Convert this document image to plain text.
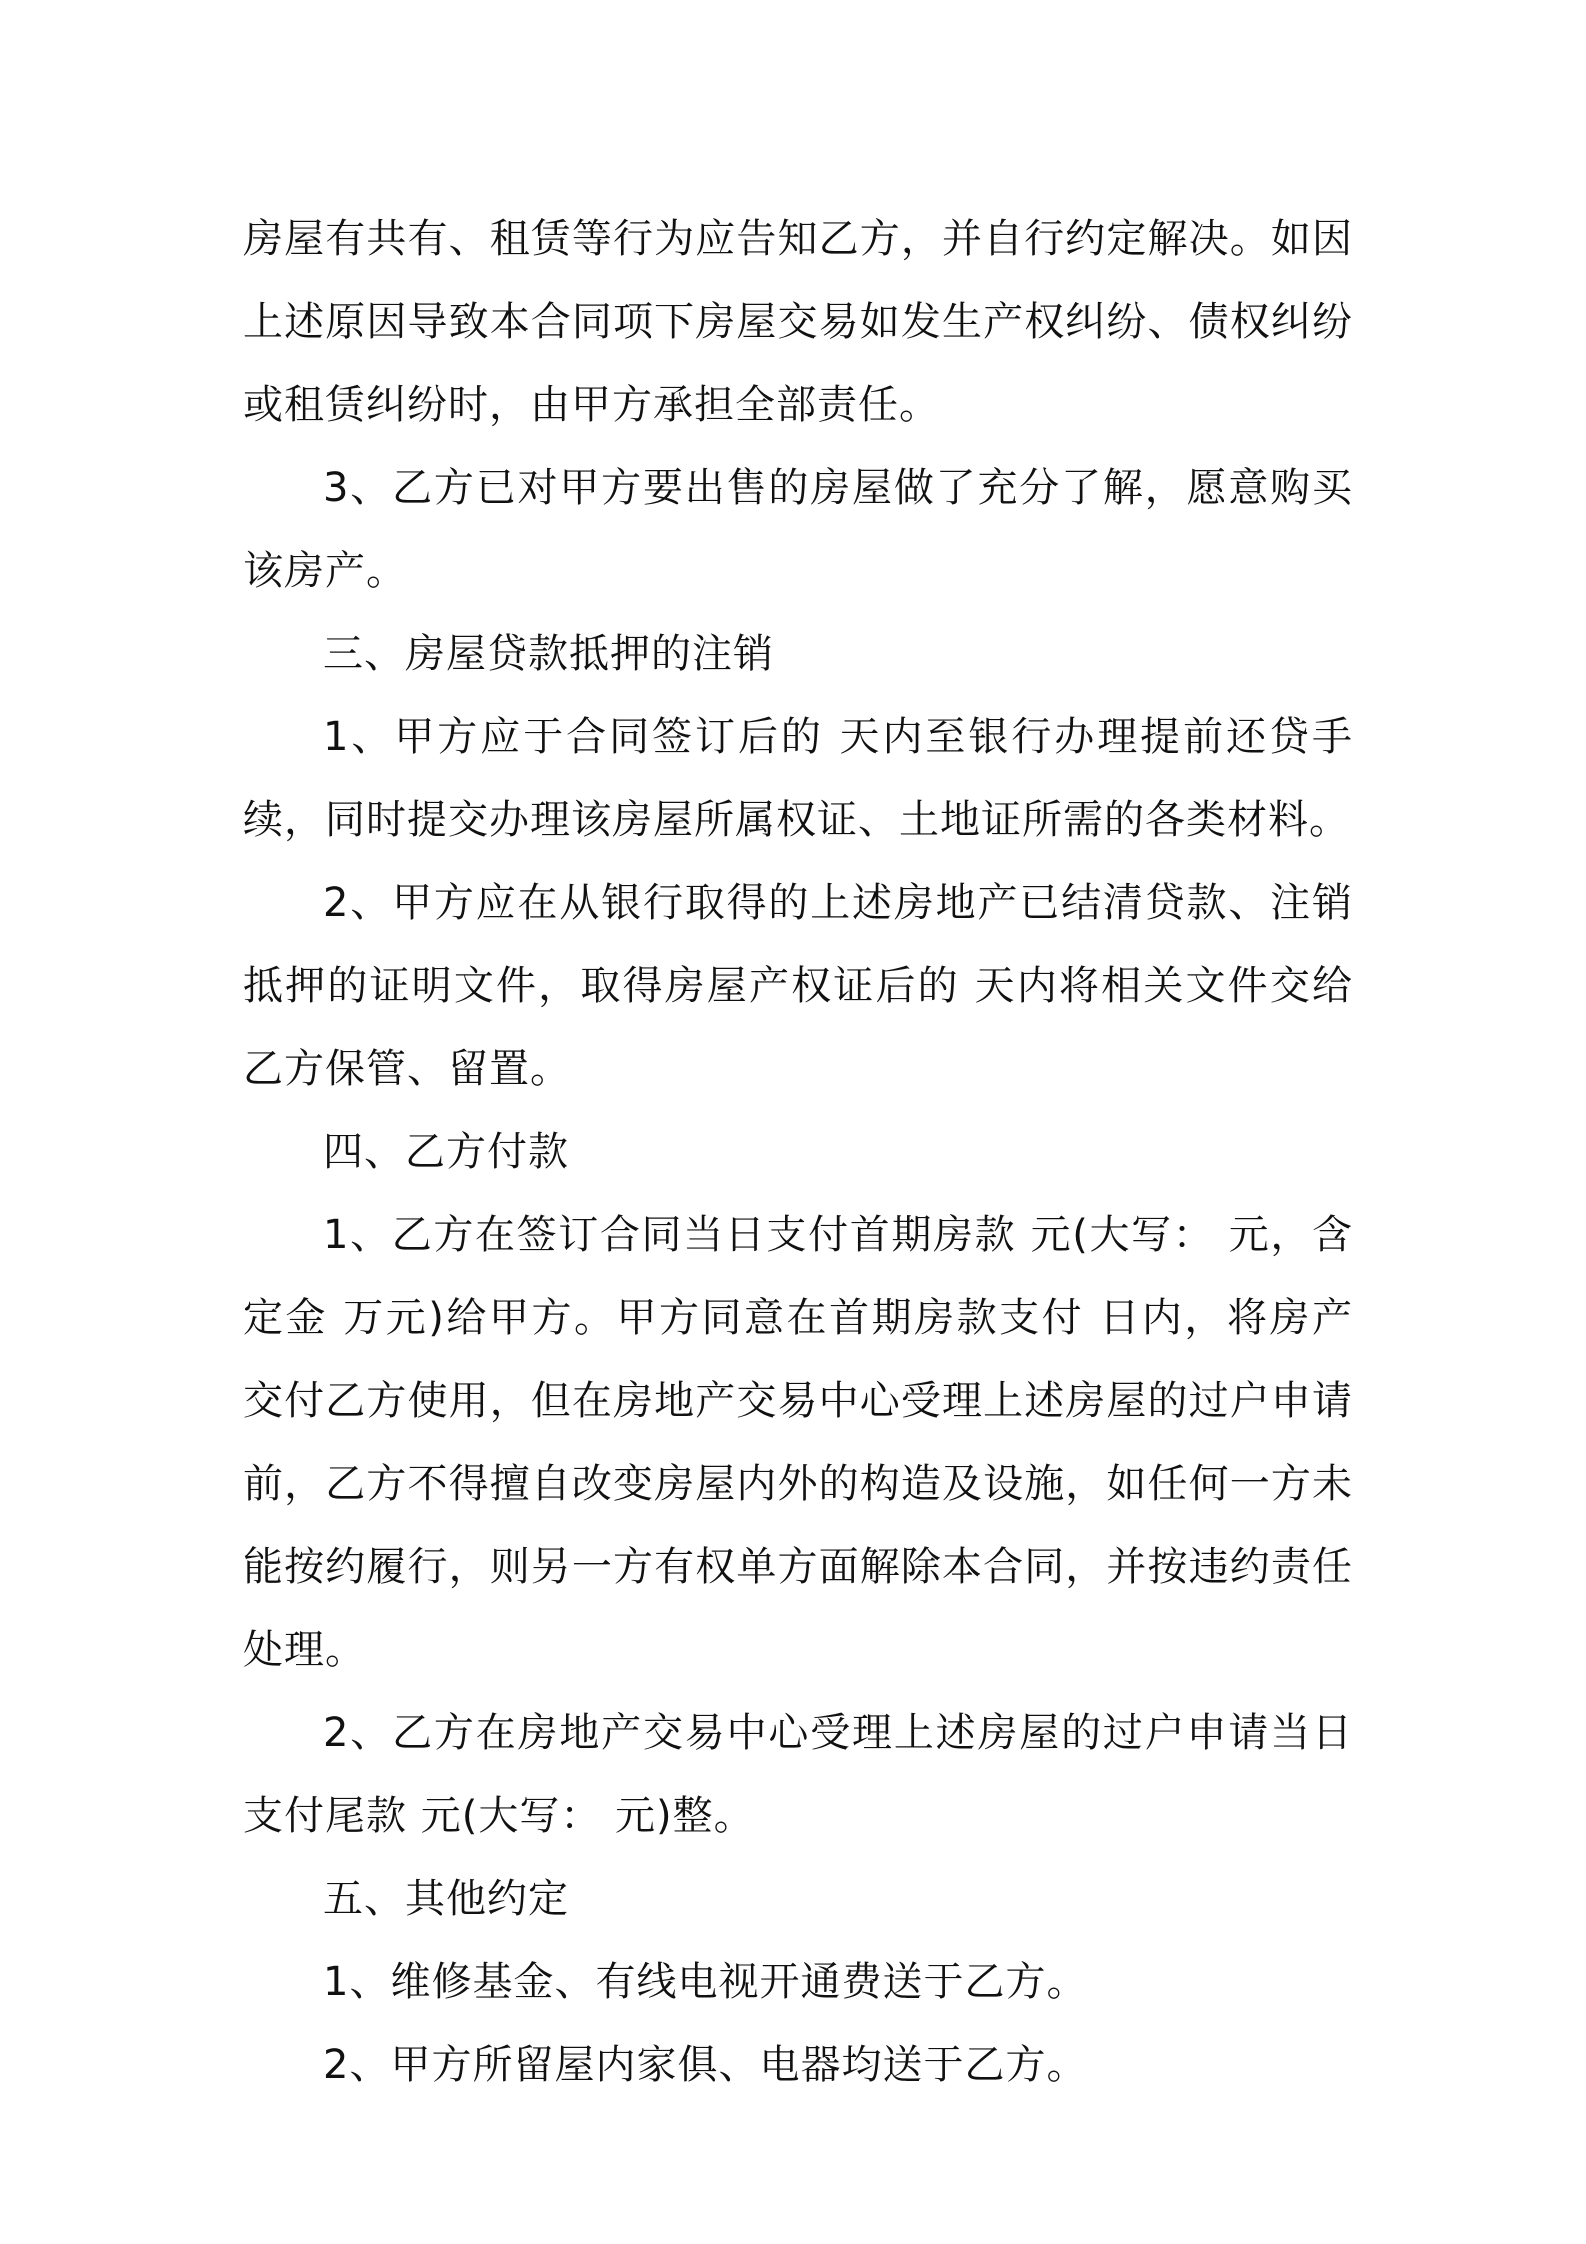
房屋有共有、租赁等行为应告知乙方，并自行约定解决。如因上述原因导致本合同项下房屋交易如发生产权纠纷、债权纠纷或租赁纠纷时，由甲方承担全部责任。

3、乙方已对甲方要出售的房屋做了充分了解，愿意购买该房产。

三、房屋贷款抵押的注销

1、甲方应于合同签订后的 天内至银行办理提前还贷手续，同时提交办理该房屋所属权证、土地证所需的各类材料。

2、甲方应在从银行取得的上述房地产已结清贷款、注销抵押的证明文件，取得房屋产权证后的 天内将相关文件交给乙方保管、留置。

四、乙方付款

1、乙方在签订合同当日支付首期房款 元(大写： 元，含定金 万元)给甲方。甲方同意在首期房款支付 日内，将房产交付乙方使用，但在房地产交易中心受理上述房屋的过户申请前，乙方不得擅自改变房屋内外的构造及设施，如任何一方未能按约履行，则另一方有权单方面解除本合同，并按违约责任处理。

2、乙方在房地产交易中心受理上述房屋的过户申请当日支付尾款 元(大写： 元)整。

五、其他约定

1、维修基金、有线电视开通费送于乙方。

2、甲方所留屋内家俱、电器均送于乙方。
